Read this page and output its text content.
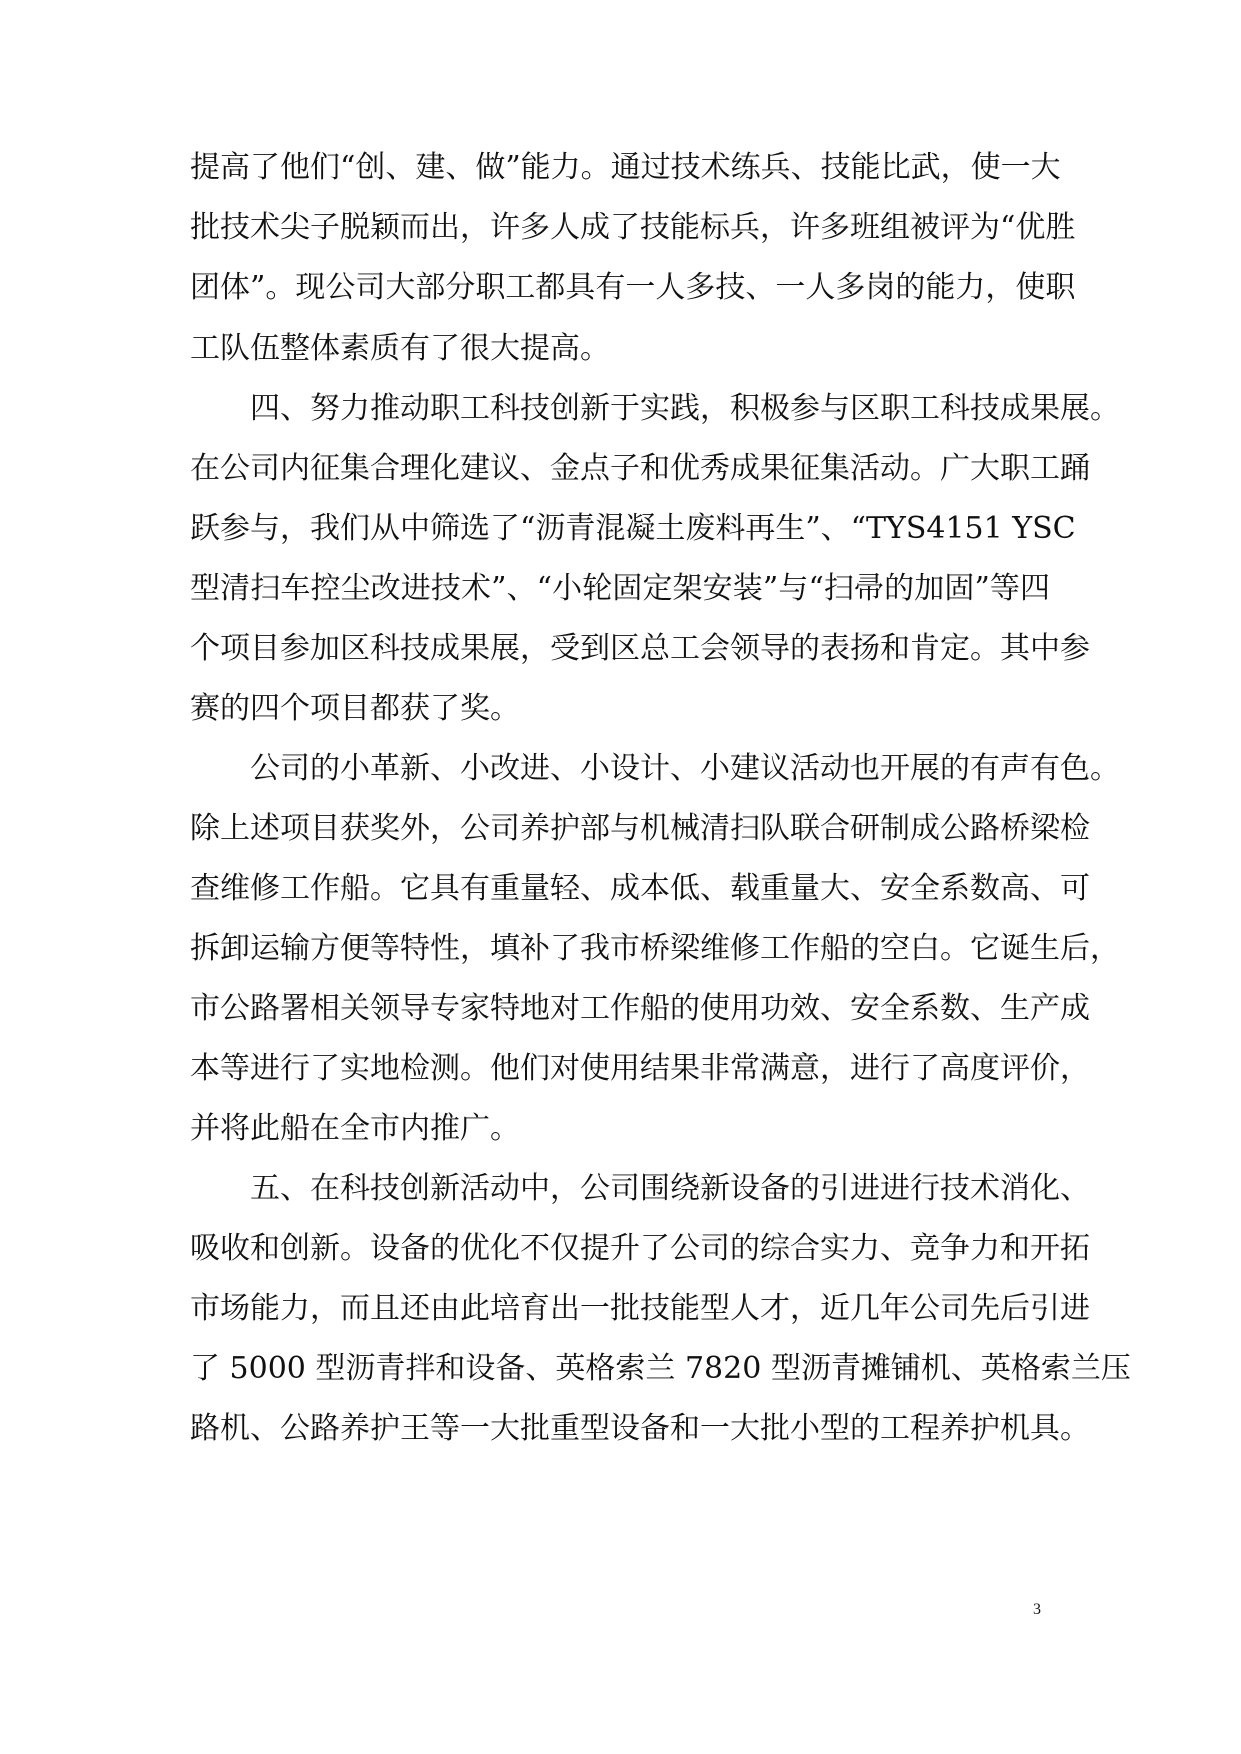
提高了他们“创、建、做”能力。通过技术练兵、技能比武，使一大
批技术尖子脱颖而出，许多人成了技能标兵，许多班组被评为“优胜
团体”。现公司大部分职工都具有一人多技、一人多岗的能力，使职
工队伍整体素质有了很大提高。
四、努力推动职工科技创新于实践，积极参与区职工科技成果展。
在公司内征集合理化建议、金点子和优秀成果征集活动。广大职工踊
跃参与，我们从中筛选了“沥青混凝土废料再生”、“TYS4151 YSC
型清扫车控尘改进技术”、“小轮固定架安装”与“扫帚的加固”等四
个项目参加区科技成果展，受到区总工会领导的表扬和肯定。其中参
赛的四个项目都获了奖。
公司的小革新、小改进、小设计、小建议活动也开展的有声有色。
除上述项目获奖外，公司养护部与机械清扫队联合研制成公路桥梁检
查维修工作船。它具有重量轻、成本低、载重量大、安全系数高、可
拆卸运输方便等特性，填补了我市桥梁维修工作船的空白。它诞生后，
市公路署相关领导专家特地对工作船的使用功效、安全系数、生产成
本等进行了实地检测。他们对使用结果非常满意，进行了高度评价，
并将此船在全市内推广。
五、在科技创新活动中，公司围绕新设备的引进进行技术消化、
吸收和创新。设备的优化不仅提升了公司的综合实力、竞争力和开拓
市场能力，而且还由此培育出一批技能型人才，近几年公司先后引进
了 5000 型沥青拌和设备、英格索兰 7820 型沥青摊铺机、英格索兰压
路机、公路养护王等一大批重型设备和一大批小型的工程养护机具。
3
